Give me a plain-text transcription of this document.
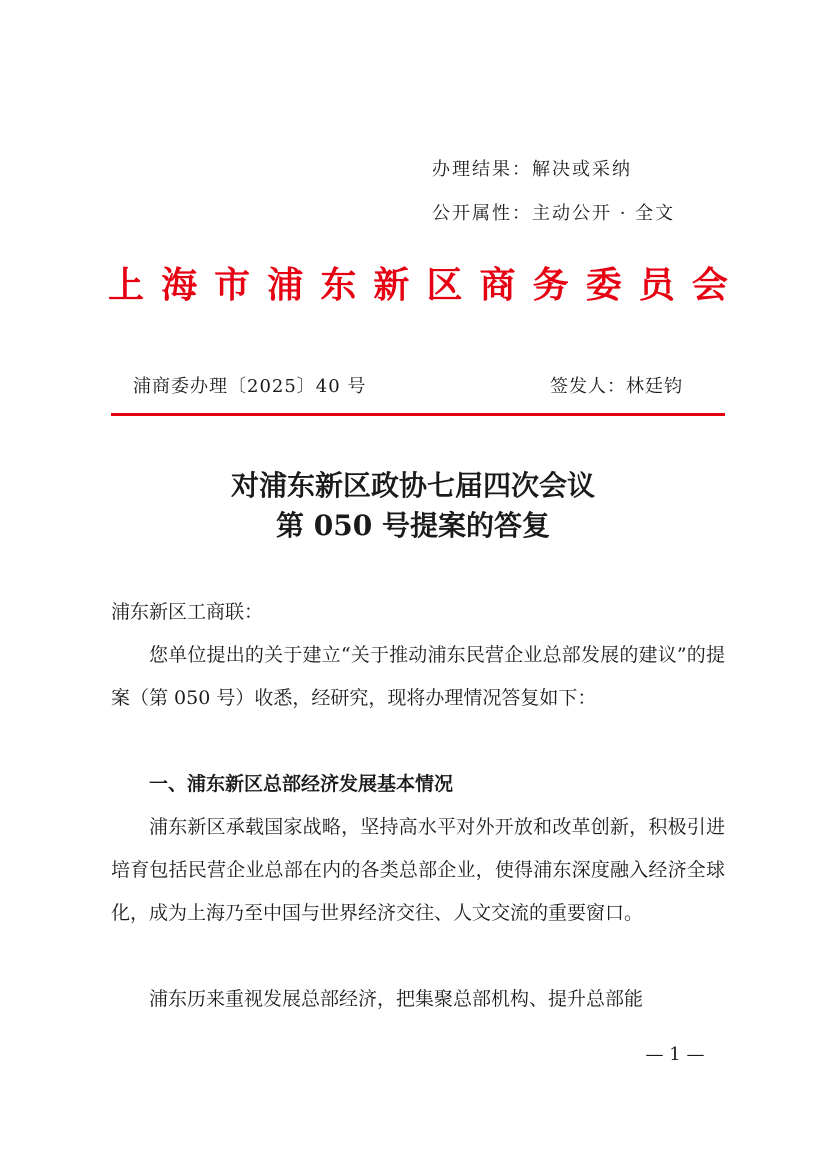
办理结果：解决或采纳
公开属性：主动公开 · 全文
上 海 市 浦 东 新 区 商 务 委 员 会
浦商委办理〔2025〕40 号	签发人：林廷钧
对浦东新区政协七届四次会议
第 050 号提案的答复
浦东新区工商联：

您单位提出的关于建立“关于推动浦东民营企业总部发展的建议”的提案（第 050 号）收悉，经研究，现将办理情况答复如下：

一、浦东新区总部经济发展基本情况

浦东新区承载国家战略，坚持高水平对外开放和改革创新，积极引进培育包括民营企业总部在内的各类总部企业，使得浦东深度融入经济全球化，成为上海乃至中国与世界经济交往、人文交流的重要窗口。

浦东历来重视发展总部经济，把集聚总部机构、提升总部能

— 1 —
